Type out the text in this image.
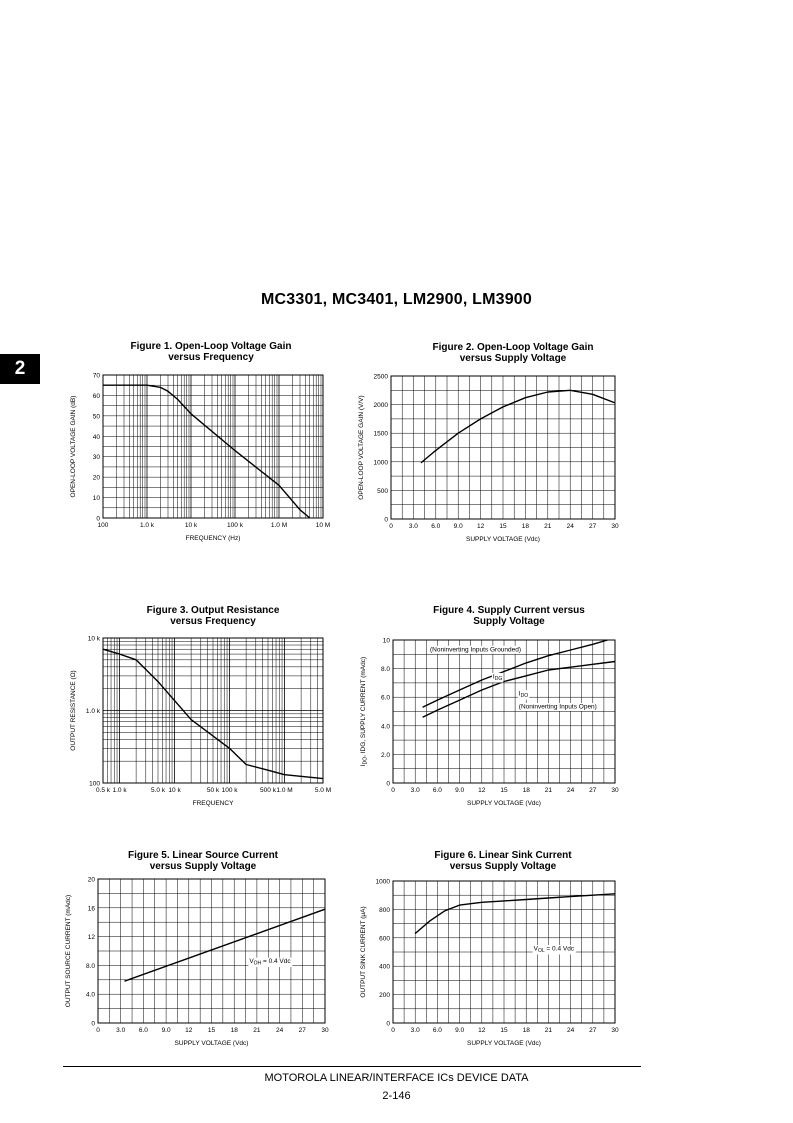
MC3301, MC3401, LM2900, LM3900
2
Figure 1. Open-Loop Voltage Gain
versus Frequency
Figure 2. Open-Loop Voltage Gain
versus Supply Voltage
Figure 3. Output Resistance
versus Frequency
Figure 4. Supply Current versus
Supply Voltage
Figure 5. Linear Source Current
versus Supply Voltage
Figure 6. Linear Sink Current
versus Supply Voltage
100	1.0 k	10 k	100 k	1.0 M	10 M
0
10
20
30
40
50
60
70
FREQUENCY (Hz)
OPEN-LOOP VOLTAGE GAIN (dB)
0 3.0 6.0 9.0 12 15 18 21 24 27 30
0
500
1000
1500
2000
2500
SUPPLY VOLTAGE (Vdc)
OPEN-LOOP VOLTAGE GAIN (V/V)
0.5 k 1.0 k	5.0 k 10 k	50 k 100 k	500 k 1.0 M	5.0 M
100
1.0 k
10 k
FREQUENCY
OUTPUT RESISTANCE (Ω)
0 3.0 6.0 9.0 12 15 18 21 24 27 30
0
2.0
4.0
6.0
8.0
10
SUPPLY VOLTAGE (Vdc)
$I_{DO}$, IDG, SUPPLY CURRENT (mAdc)
(Noninverting Inputs Grounded)
$I_{DG}$
$I_{DO}$
(Noninverting Inputs Open)
0	3.0 6.0 9.0 12 15 18 21 24 27 30
0
4.0
8.0
12
16
20
SUPPLY VOLTAGE (Vdc)
OUTPUT SOURCE CURRENT (mAdc)	$V_{OH} = 0.4$ Vdc
0 3.0 6.0 9.0 12 15 18 21 24 27 30
0
200
400
600
800
1000
SUPPLY VOLTAGE (Vdc)
OUTPUT SINK CURRENT (μA)	$V_{OL} = 0.4$ Vdc
MOTOROLA LINEAR/INTERFACE ICs DEVICE DATA
2-146
